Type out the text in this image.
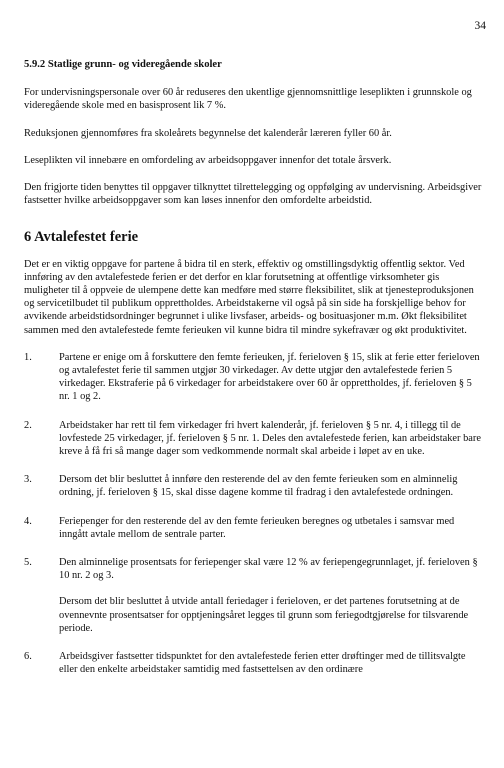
34
5.9.2 Statlige grunn- og videregående skoler

For undervisningspersonale over 60 år reduseres den ukentlige gjennomsnittlige leseplikten i grunnskole og videregående skole med en basisprosent lik 7 %.

Reduksjonen gjennomføres fra skoleårets begynnelse det kalenderår læreren fyller 60 år.

Leseplikten vil innebære en omfordeling av arbeidsoppgaver innenfor det totale årsverk.

Den frigjorte tiden benyttes til oppgaver tilknyttet tilrettelegging og oppfølging av undervisning. Arbeidsgiver fastsetter hvilke arbeidsoppgaver som kan løses innenfor den omfordelte arbeidstid.

6 Avtalefestet ferie

Det er en viktig oppgave for partene å bidra til en sterk, effektiv og omstillingsdyktig offentlig sektor. Ved innføring av den avtalefestede ferien er det derfor en klar forutsetning at offentlige virksomheter gis muligheter til å oppveie de ulempene dette kan medføre med større fleksibilitet, slik at tjenesteproduksjonen og servicetilbudet til publikum opprettholdes. Arbeidstakerne vil også på sin side ha forskjellige behov for avvikende arbeidstidsordninger begrunnet i ulike livsfaser, arbeids- og bosituasjoner m.m. Økt fleksibilitet sammen med den avtalefestede femte ferieuken vil kunne bidra til mindre sykefravær og økt produktivitet.

1.	Partene er enige om å forskuttere den femte ferieuken, jf. ferieloven § 15, slik at ferie etter ferieloven og avtalefestet ferie til sammen utgjør 30 virkedager. Av dette utgjør den avtalefestede ferien 5 virkedager. Ekstraferie på 6 virkedager for arbeidstakere over 60 år opprettholdes, jf. ferieloven § 5 nr. 1 og 2.
2.	Arbeidstaker har rett til fem virkedager fri hvert kalenderår, jf. ferieloven § 5 nr. 4, i tillegg til de lovfestede 25 virkedager, jf. ferieloven § 5 nr. 1. Deles den avtalefestede ferien, kan arbeidstaker bare kreve å få fri så mange dager som vedkommende normalt skal arbeide i løpet av en uke.
3.	Dersom det blir besluttet å innføre den resterende del av den femte ferieuken som en alminnelig ordning, jf. ferieloven § 15, skal disse dagene komme til fradrag i den avtalefestede ordningen.
4.	Feriepenger for den resterende del av den femte ferieuken beregnes og utbetales i samsvar med inngått avtale mellom de sentrale parter.
5.	Den alminnelige prosentsats for feriepenger skal være 12 % av feriepengegrunnlaget, jf. ferieloven § 10 nr. 2 og 3.
Dersom det blir besluttet å utvide antall feriedager i ferieloven, er det partenes forutsetning at de ovennevnte prosentsatser for opptjeningsåret legges til grunn som feriegodtgjørelse for tilsvarende periode.
6.	Arbeidsgiver fastsetter tidspunktet for den avtalefestede ferien etter drøftinger med de tillitsvalgte eller den enkelte arbeidstaker samtidig med fastsettelsen av den ordinære
